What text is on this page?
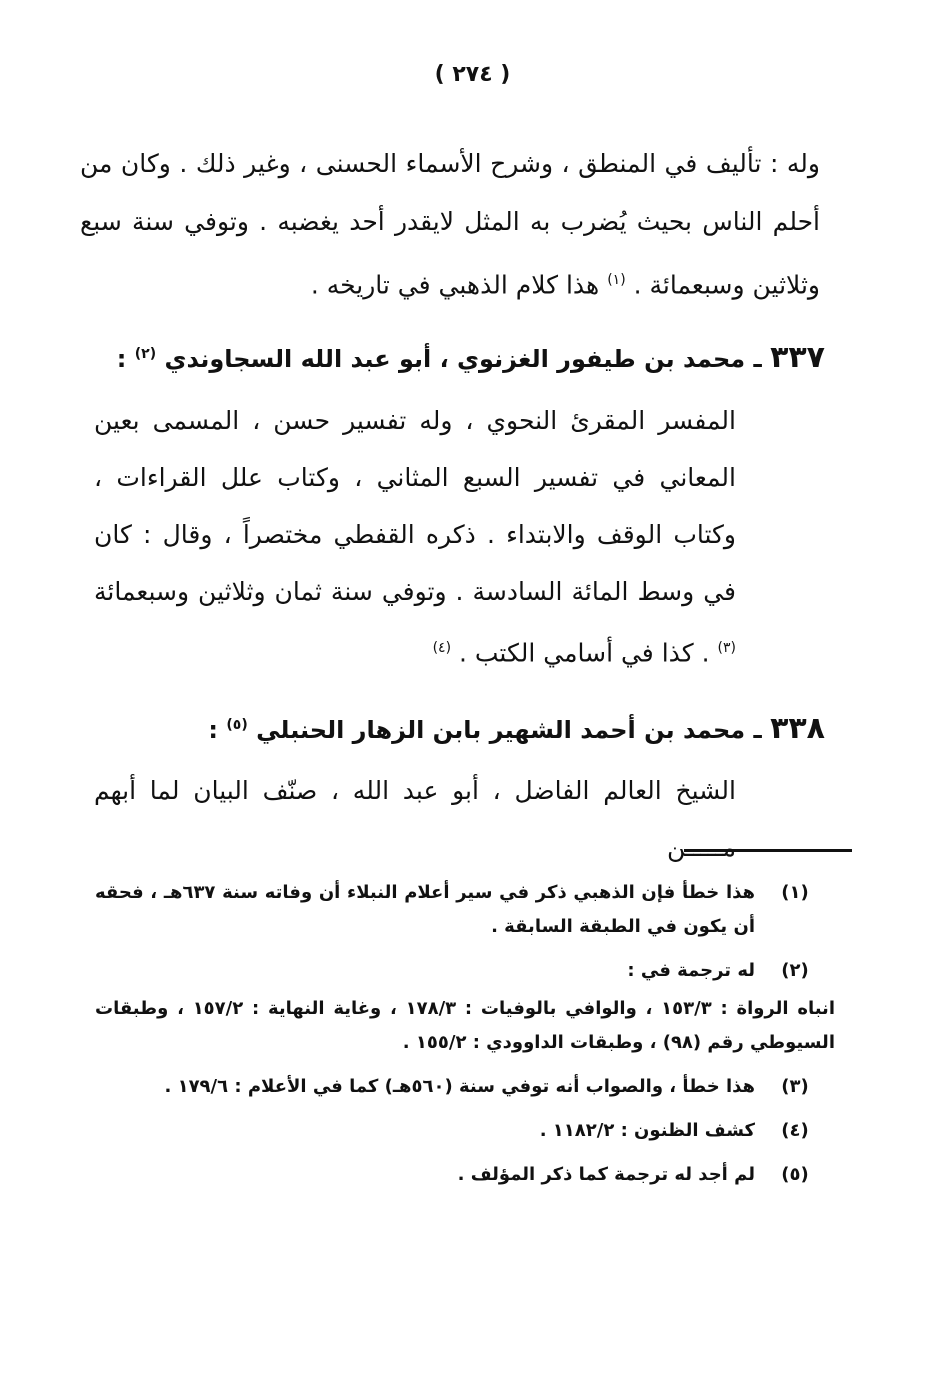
( ٢٧٤ )
وله : تأليف في المنطق ، وشرح الأسماء الحسنى ، وغير ذلك . وكان من أحلم الناس بحيث يُضرب به المثل لايقدر أحد يغضبه . وتوفي سنة سبع وثلاثين وسبعمائة . $^{(١)}$ هذا كلام الذهبي في تاريخه .
٣٣٧ ـ محمد بن طيفور الغزنوي ، أبو عبد الله السجاوندي $^{(٢)}$ :
المفسر المقرئ النحوي ، وله تفسير حسن ، المسمى بعين المعاني في تفسير السبع المثاني ، وكتاب علل القراءات ، وكتاب الوقف والابتداء . ذكره القفطي مختصراً ، وقال : كان في وسط المائة السادسة . وتوفي سنة ثمان وثلاثين وسبعمائة $^{(٣)}$ . كذا في أسامي الكتب . $^{(٤)}$
٣٣٨ ـ محمد بن أحمد الشهير بابن الزهار الحنبلي $^{(٥)}$ :
الشيخ العالم الفاضل ، أبو عبد الله ، صنّف البيان لما أبهم مـــــن
(١)
هذا خطأ فإن الذهبي ذكر في سير أعلام النبلاء أن وفاته سنة ٦٣٧هـ ، فحقه أن يكون في الطبقة السابقة .
(٢)
له ترجمة في :
انباه الرواة : ١٥٣/٣ ، والوافي بالوفيات : ١٧٨/٣ ، وغاية النهاية : ١٥٧/٢ ، وطبقات السيوطي رقم (٩٨) ، وطبقات الداوودي : ١٥٥/٢ .
(٣)
هذا خطأ ، والصواب أنه توفي سنة (٥٦٠هـ) كما في الأعلام : ١٧٩/٦ .
(٤)
كشف الظنون : ١١٨٢/٢ .
(٥)
لم أجد له ترجمة كما ذكر المؤلف .
